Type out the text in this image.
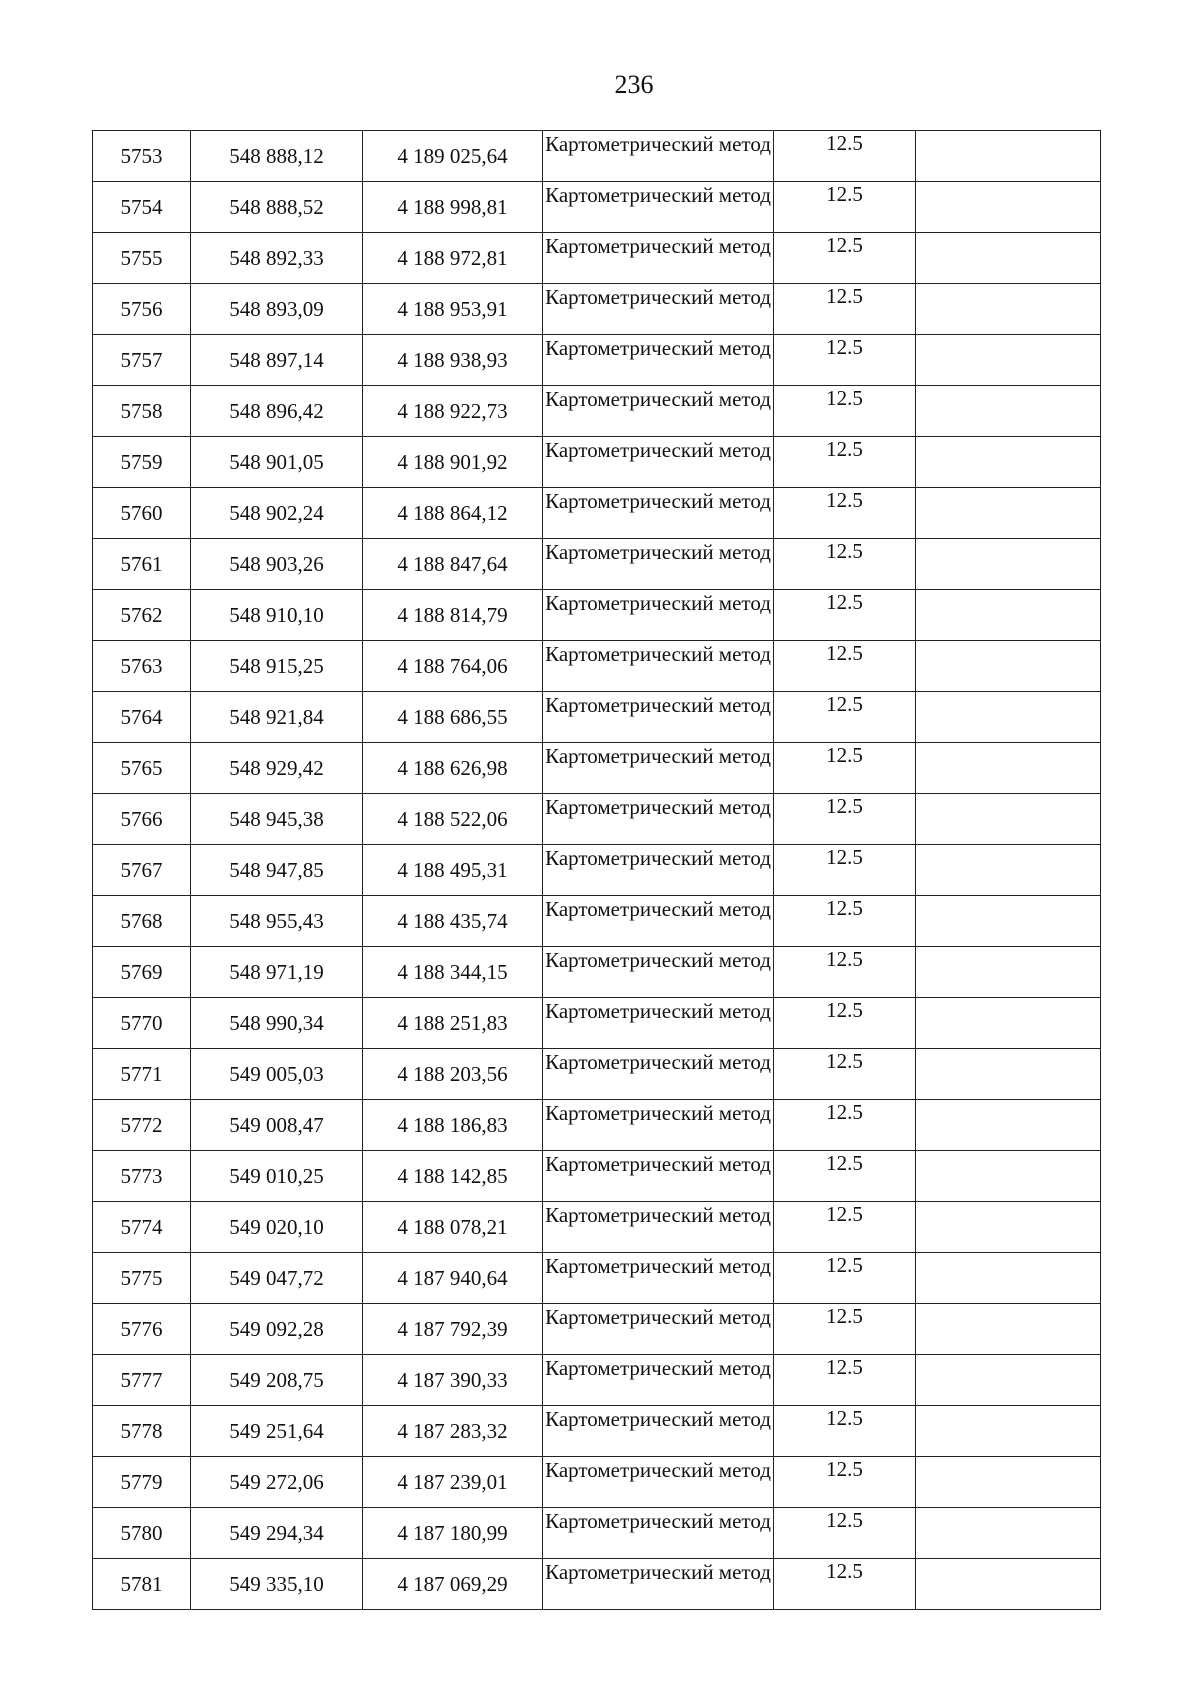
236
5753	548 888,12	4 189 025,64	Картометрический метод	12.5	
5754	548 888,52	4 188 998,81	Картометрический метод	12.5	
5755	548 892,33	4 188 972,81	Картометрический метод	12.5	
5756	548 893,09	4 188 953,91	Картометрический метод	12.5	
5757	548 897,14	4 188 938,93	Картометрический метод	12.5	
5758	548 896,42	4 188 922,73	Картометрический метод	12.5	
5759	548 901,05	4 188 901,92	Картометрический метод	12.5	
5760	548 902,24	4 188 864,12	Картометрический метод	12.5	
5761	548 903,26	4 188 847,64	Картометрический метод	12.5	
5762	548 910,10	4 188 814,79	Картометрический метод	12.5	
5763	548 915,25	4 188 764,06	Картометрический метод	12.5	
5764	548 921,84	4 188 686,55	Картометрический метод	12.5	
5765	548 929,42	4 188 626,98	Картометрический метод	12.5	
5766	548 945,38	4 188 522,06	Картометрический метод	12.5	
5767	548 947,85	4 188 495,31	Картометрический метод	12.5	
5768	548 955,43	4 188 435,74	Картометрический метод	12.5	
5769	548 971,19	4 188 344,15	Картометрический метод	12.5	
5770	548 990,34	4 188 251,83	Картометрический метод	12.5	
5771	549 005,03	4 188 203,56	Картометрический метод	12.5	
5772	549 008,47	4 188 186,83	Картометрический метод	12.5	
5773	549 010,25	4 188 142,85	Картометрический метод	12.5	
5774	549 020,10	4 188 078,21	Картометрический метод	12.5	
5775	549 047,72	4 187 940,64	Картометрический метод	12.5	
5776	549 092,28	4 187 792,39	Картометрический метод	12.5	
5777	549 208,75	4 187 390,33	Картометрический метод	12.5	
5778	549 251,64	4 187 283,32	Картометрический метод	12.5	
5779	549 272,06	4 187 239,01	Картометрический метод	12.5	
5780	549 294,34	4 187 180,99	Картометрический метод	12.5	
5781	549 335,10	4 187 069,29	Картометрический метод	12.5	
